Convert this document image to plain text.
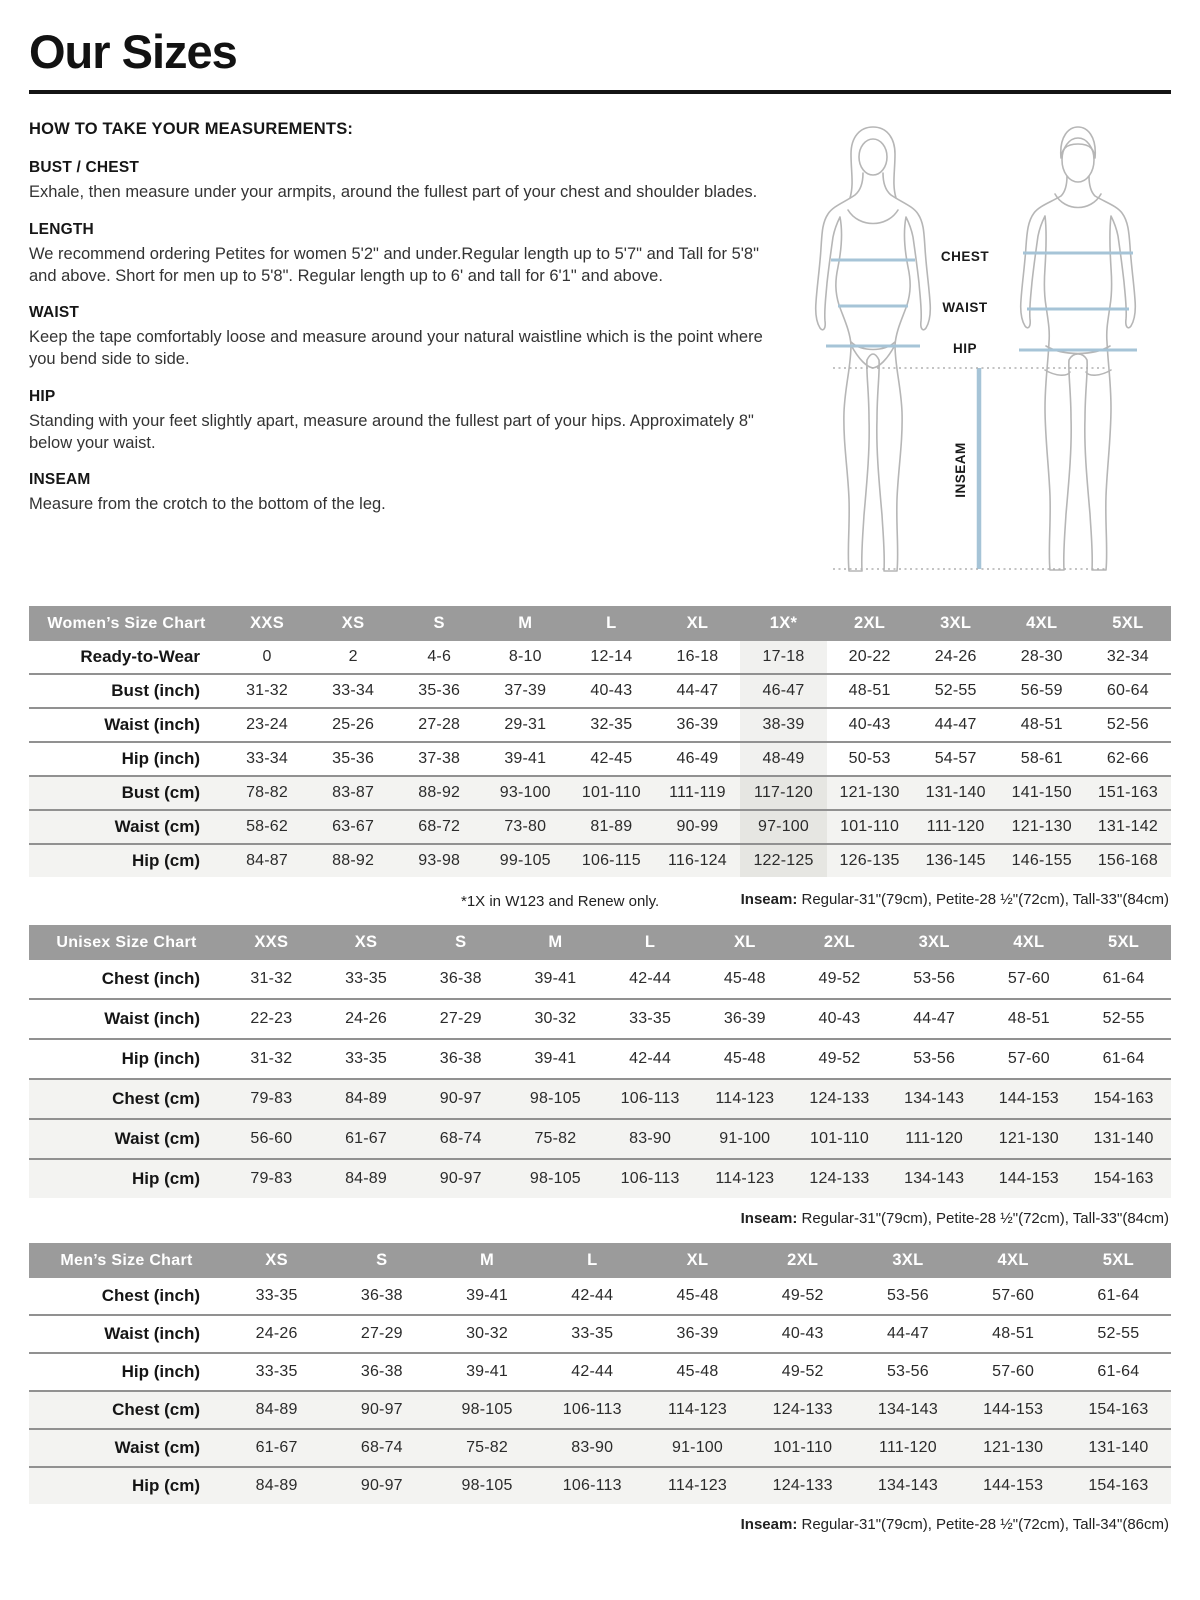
Our Sizes
HOW TO TAKE YOUR MEASUREMENTS:
BUST / CHEST

Exhale, then measure under your armpits, around the fullest part of your chest and shoulder blades.

LENGTH

We recommend ordering Petites for women 5'2" and under.Regular length up to 5'7" and Tall for 5'8" and above. Short for men up to 5'8". Regular length up to 6' and tall for 6'1" and above.

WAIST

Keep the tape comfortably loose and measure around your natural waistline which is the point where you bend side to side.

HIP

Standing with your feet slightly apart, measure around the fullest part of your hips. Approximately 8" below your waist.

INSEAM

Measure from the crotch to the bottom of the leg.

CHEST
WAIST
HIP
INSEAM
Women’s Size Chart	XXS	XS	S	M	L	XL	1X*	2XL	3XL	4XL	5XL
Ready-to-Wear	0	2	4-6	8-10	12-14	16-18	17-18	20-22	24-26	28-30	32-34
Bust (inch)	31-32	33-34	35-36	37-39	40-43	44-47	46-47	48-51	52-55	56-59	60-64
Waist (inch)	23-24	25-26	27-28	29-31	32-35	36-39	38-39	40-43	44-47	48-51	52-56
Hip (inch)	33-34	35-36	37-38	39-41	42-45	46-49	48-49	50-53	54-57	58-61	62-66
Bust (cm)	78-82	83-87	88-92	93-100	101-110	111-119	117-120	121-130	131-140	141-150	151-163
Waist (cm)	58-62	63-67	68-72	73-80	81-89	90-99	97-100	101-110	111-120	121-130	131-142
Hip (cm)	84-87	88-92	93-98	99-105	106-115	116-124	122-125	126-135	136-145	146-155	156-168
*1X in W123 and Renew only.	Inseam: Regular-31"(79cm), Petite-28 ½"(72cm), Tall-33"(84cm)

Unisex Size Chart	XXS	XS	S	M	L	XL	2XL	3XL	4XL	5XL
Chest (inch)	31-32	33-35	36-38	39-41	42-44	45-48	49-52	53-56	57-60	61-64
Waist (inch)	22-23	24-26	27-29	30-32	33-35	36-39	40-43	44-47	48-51	52-55
Hip (inch)	31-32	33-35	36-38	39-41	42-44	45-48	49-52	53-56	57-60	61-64
Chest (cm)	79-83	84-89	90-97	98-105	106-113	114-123	124-133	134-143	144-153	154-163
Waist (cm)	56-60	61-67	68-74	75-82	83-90	91-100	101-110	111-120	121-130	131-140
Hip (cm)	79-83	84-89	90-97	98-105	106-113	114-123	124-133	134-143	144-153	154-163

Inseam: Regular-31"(79cm), Petite-28 ½"(72cm), Tall-33"(84cm)

Men’s Size Chart	XS	S	M	L	XL	2XL	3XL	4XL	5XL
Chest (inch)	33-35	36-38	39-41	42-44	45-48	49-52	53-56	57-60	61-64
Waist (inch)	24-26	27-29	30-32	33-35	36-39	40-43	44-47	48-51	52-55
Hip (inch)	33-35	36-38	39-41	42-44	45-48	49-52	53-56	57-60	61-64
Chest (cm)	84-89	90-97	98-105	106-113	114-123	124-133	134-143	144-153	154-163
Waist (cm)	61-67	68-74	75-82	83-90	91-100	101-110	111-120	121-130	131-140
Hip (cm)	84-89	90-97	98-105	106-113	114-123	124-133	134-143	144-153	154-163

Inseam: Regular-31"(79cm), Petite-28 ½"(72cm), Tall-34"(86cm)
